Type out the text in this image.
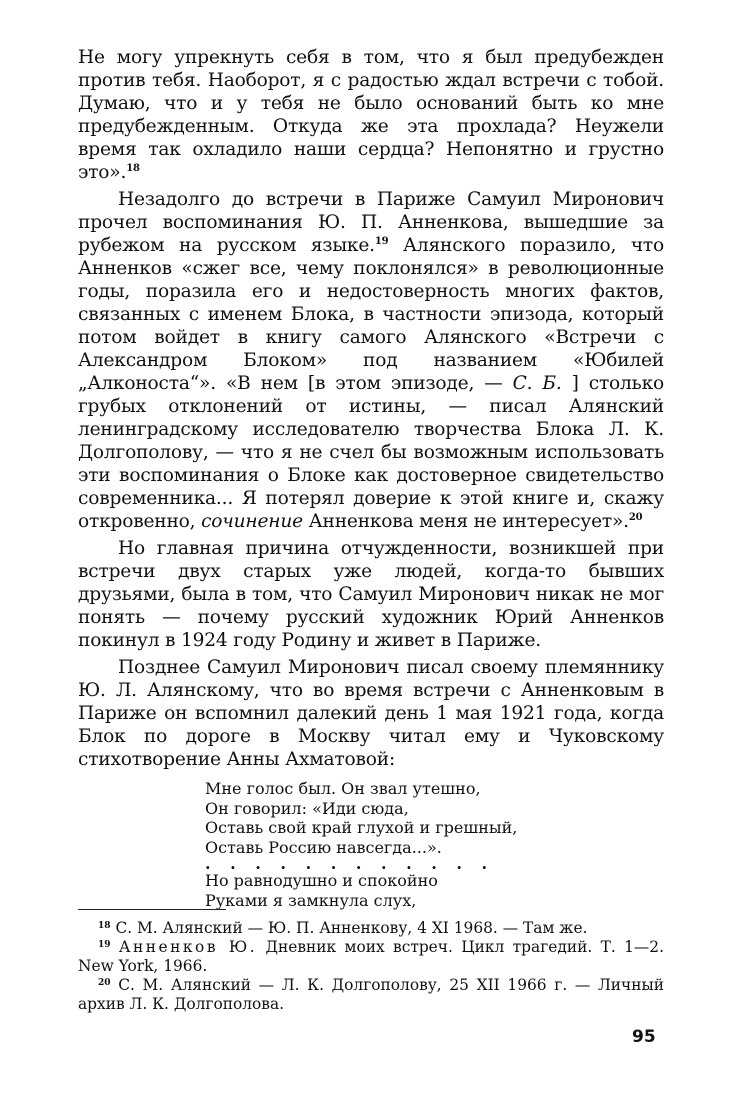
Не могу упрекнуть себя в том, что я был предубежден против тебя. Наоборот, я с радостью ждал встречи с тобой. Думаю, что и у тебя не было оснований быть ко мне предубежденным. Откуда же эта прохлада? Неужели время так охладило наши сердца? Непонятно и грустно это».$^{18}$

Незадолго до встречи в Париже Самуил Миронович прочел воспоминания Ю. П. Анненкова, вышедшие за рубежом на русском языке.$^{19}$ Алянского поразило, что Анненков «сжег все, чему поклонялся» в революционные годы, поразила его и недостоверность многих фактов, связанных с именем Блока, в частности эпизода, который потом войдет в книгу самого Алянского «Встречи с Александром Блоком» под названием «Юбилей „Алконоста“». «В нем [в этом эпизоде, — С. Б. ] столько грубых отклонений от истины, — писал Алянский ленинградскому исследователю творчества Блока Л. К. Долгополову, — что я не счел бы возможным использовать эти воспоминания о Блоке как достоверное свидетельство современника... Я потерял доверие к этой книге и, скажу откровенно, сочинение Анненкова меня не интересует».$^{20}$

Но главная причина отчужденности, возникшей при встречи двух старых уже людей, когда-то бывших друзьями, была в том, что Самуил Миронович никак не мог понять — почему русский художник Юрий Анненков покинул в 1924 году Родину и живет в Париже.

Позднее Самуил Миронович писал своему племяннику Ю. Л. Алянскому, что во время встречи с Анненковым в Париже он вспомнил далекий день 1 мая 1921 года, когда Блок по дороге в Москву читал ему и Чуковскому стихотворение Анны Ахматовой:

Мне голос был. Он звал утешно,
Он говорил: «Иди сюда,
Оставь свой край глухой и грешный,
Оставь Россию навсегда...».
. . . . . . . . . . . .
Но равнодушно и спокойно
Руками я замкнула слух,

$^{18}$ С. М. Алянский — Ю. П. Анненкову, 4 XI 1968. — Там же.

$^{19}$ Анненков Ю. Дневник моих встреч. Цикл трагедий. Т. 1—2. New York, 1966.

$^{20}$ С. М. Алянский — Л. К. Долгополову, 25 XII 1966 г. — Личный архив Л. К. Долгополова.

95
